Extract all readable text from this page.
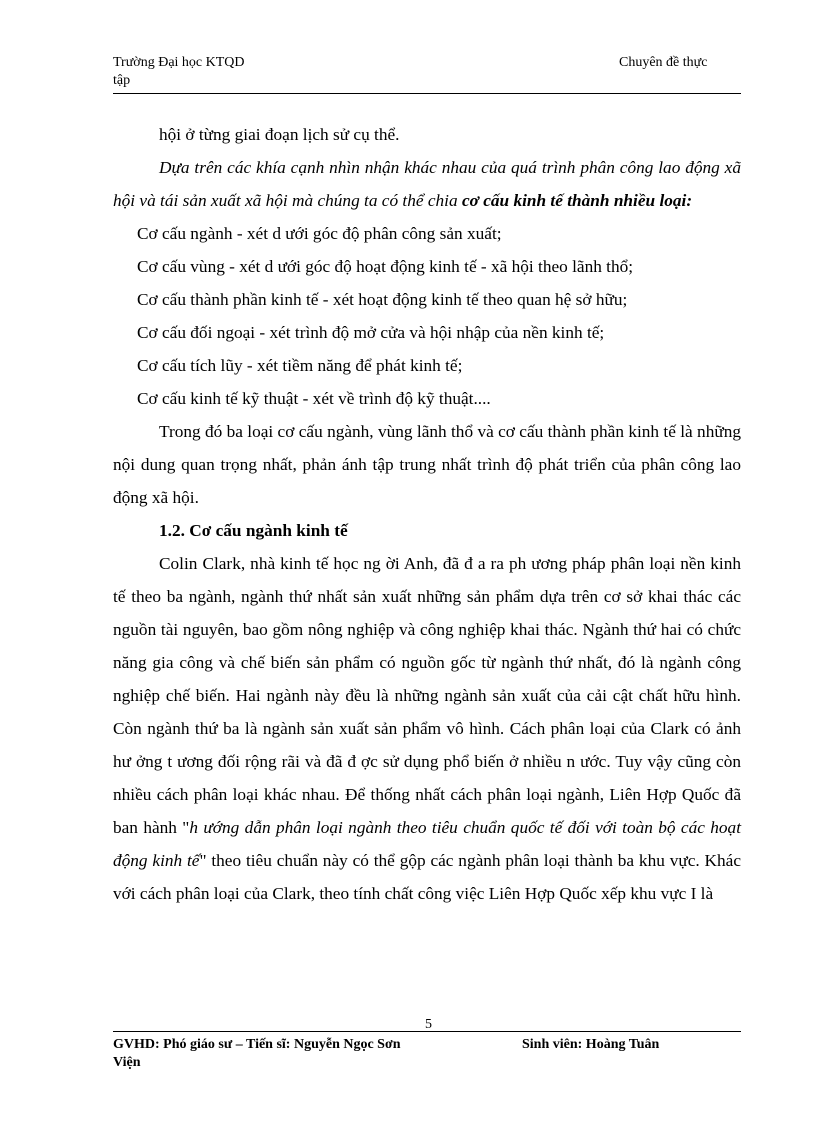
Trường Đại học KTQD
tập
Chuyên đề thực

hội ở từng giai đoạn lịch sử cụ thể.

Dựa trên các khía cạnh nhìn nhận khác nhau của quá trình phân công lao động xã hội và tái sản xuất xã hội mà chúng ta có thể chia cơ cấu kinh tế thành nhiều loại:

Cơ cấu ngành - xét d ưới góc độ phân công sản xuất;

Cơ cấu vùng - xét d ưới góc độ hoạt động kinh tế - xã hội theo lãnh thổ;

Cơ cấu thành phần kinh tế - xét hoạt động kinh tế theo quan hệ sở hữu;

Cơ cấu đối ngoại - xét trình độ mở cửa và hội nhập của nền kinh tế;

Cơ cấu tích lũy - xét tiềm năng để phát kinh tế;

Cơ cấu kinh tế kỹ thuật - xét về trình độ kỹ thuật....

Trong đó ba loại cơ cấu ngành, vùng lãnh thổ và cơ cấu thành phần kinh tế là những nội dung quan trọng nhất, phản ánh tập trung nhất trình độ phát triển của phân công lao động xã hội.

1.2. Cơ cấu ngành kinh tế

Colin Clark, nhà kinh tế học ng ời Anh, đã đ a ra ph ương pháp phân loại nền kinh tế theo ba ngành, ngành thứ nhất sản xuất những sản phẩm dựa trên cơ sở khai thác các nguồn tài nguyên, bao gồm nông nghiệp và công nghiệp khai thác. Ngành thứ hai có chức năng gia công và chế biến sản phẩm có nguồn gốc từ ngành thứ nhất, đó là ngành công nghiệp chế biến. Hai ngành này đều là những ngành sản xuất của cải cật chất hữu hình. Còn ngành thứ ba là ngành sản xuất sản phẩm vô hình. Cách phân loại của Clark có ảnh hư ởng t ương đối rộng rãi và đã đ ợc sử dụng phổ biến ở nhiều n ước. Tuy vậy cũng còn nhiều cách phân loại khác nhau. Để thống nhất cách phân loại ngành, Liên Hợp Quốc đã ban hành "h ướng dẫn phân loại ngành theo tiêu chuẩn quốc tế đối với toàn bộ các hoạt động kinh tế" theo tiêu chuẩn này có thể gộp các ngành phân loại thành ba khu vực. Khác với cách phân loại của Clark, theo tính chất công việc Liên Hợp Quốc xếp khu vực I là

5
GVHD: Phó giáo sư – Tiến sĩ: Nguyễn Ngọc Sơn
Viện
Sinh viên: Hoàng Tuân
